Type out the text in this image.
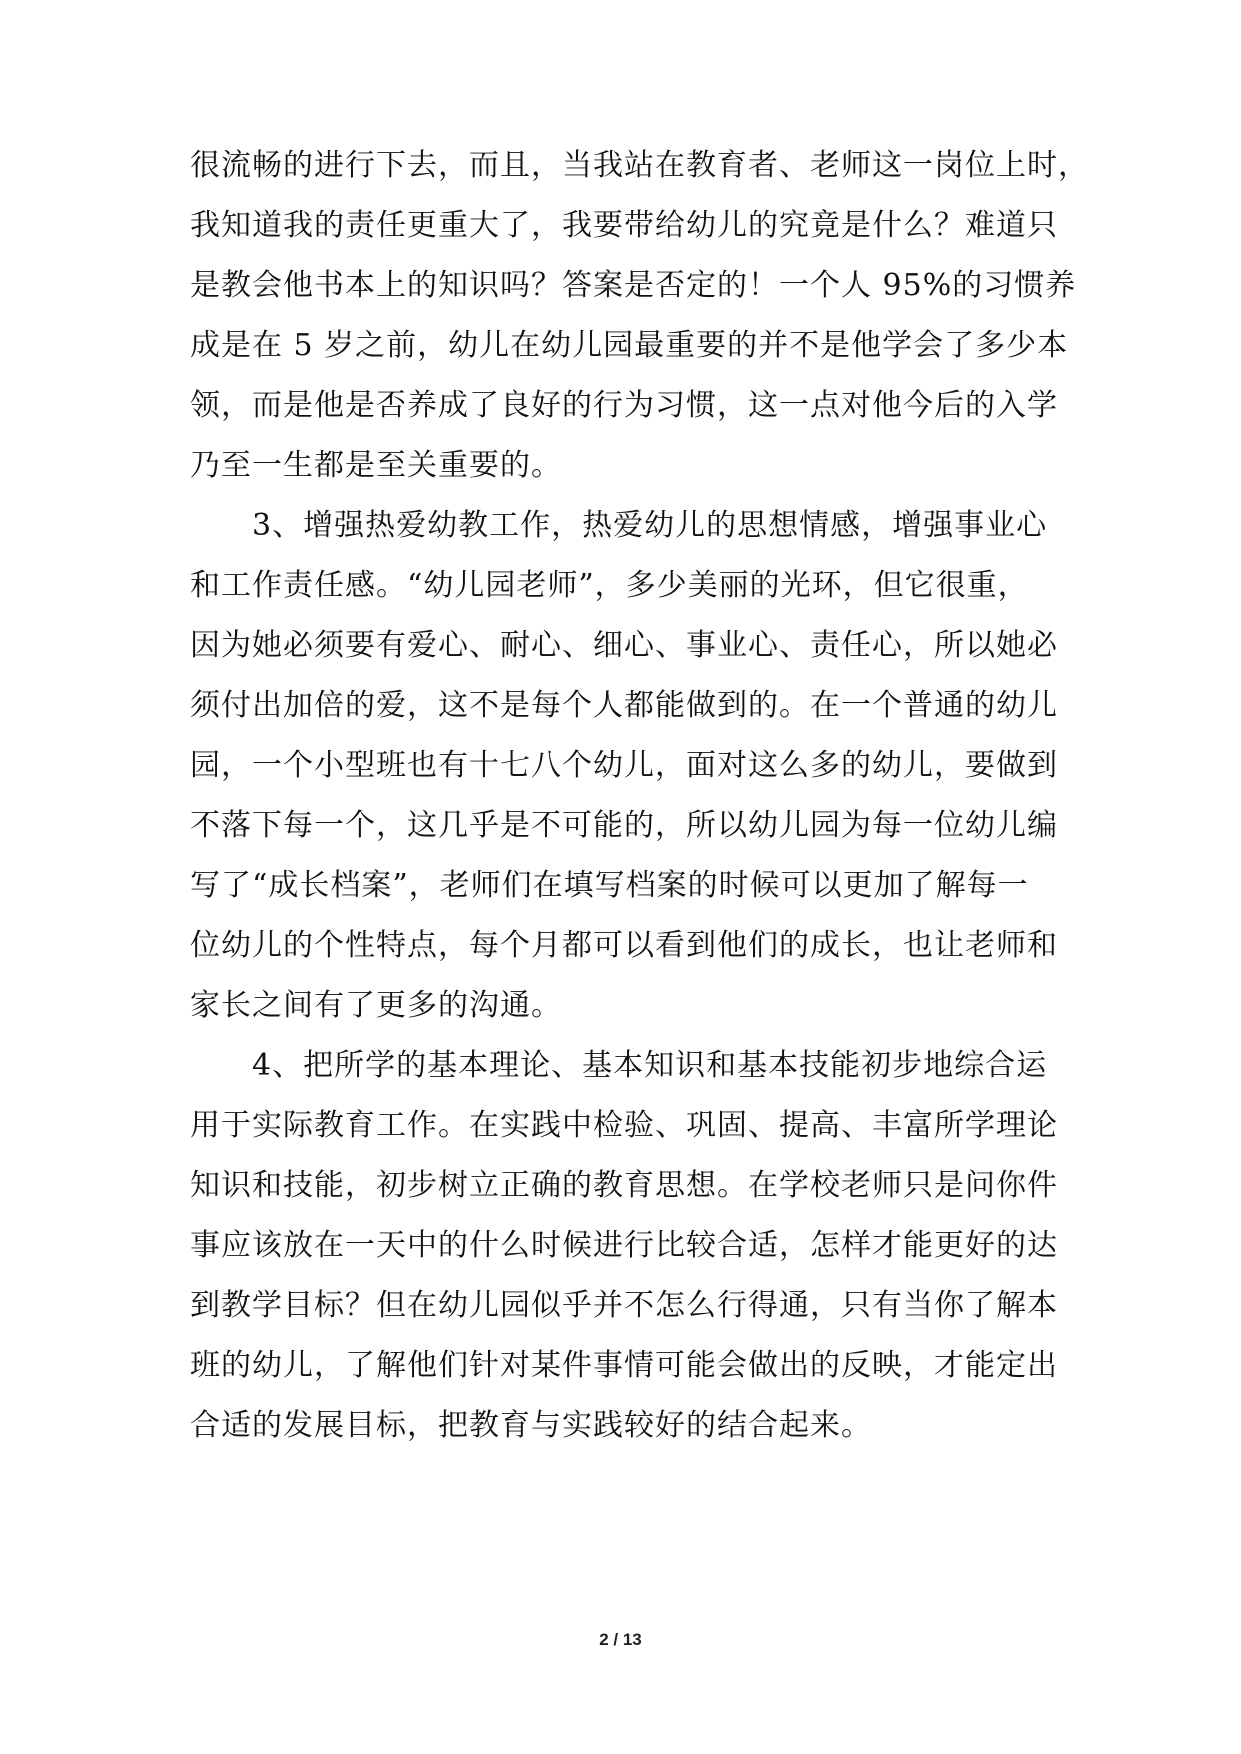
很流畅的进行下去，而且，当我站在教育者、老师这一岗位上时，
我知道我的责任更重大了，我要带给幼儿的究竟是什么？难道只
是教会他书本上的知识吗？答案是否定的！一个人 95%的习惯养
成是在 5 岁之前，幼儿在幼儿园最重要的并不是他学会了多少本
领，而是他是否养成了良好的行为习惯，这一点对他今后的入学
乃至一生都是至关重要的。
　　3、增强热爱幼教工作，热爱幼儿的思想情感，增强事业心
和工作责任感。“幼儿园老师”，多少美丽的光环，但它很重，
因为她必须要有爱心、耐心、细心、事业心、责任心，所以她必
须付出加倍的爱，这不是每个人都能做到的。在一个普通的幼儿
园，一个小型班也有十七八个幼儿，面对这么多的幼儿，要做到
不落下每一个，这几乎是不可能的，所以幼儿园为每一位幼儿编
写了“成长档案”，老师们在填写档案的时候可以更加了解每一
位幼儿的个性特点，每个月都可以看到他们的成长，也让老师和
家长之间有了更多的沟通。
　　4、把所学的基本理论、基本知识和基本技能初步地综合运
用于实际教育工作。在实践中检验、巩固、提高、丰富所学理论
知识和技能，初步树立正确的教育思想。在学校老师只是问你件
事应该放在一天中的什么时候进行比较合适，怎样才能更好的达
到教学目标？但在幼儿园似乎并不怎么行得通，只有当你了解本
班的幼儿，了解他们针对某件事情可能会做出的反映，才能定出
合适的发展目标，把教育与实践较好的结合起来。
2 / 13
